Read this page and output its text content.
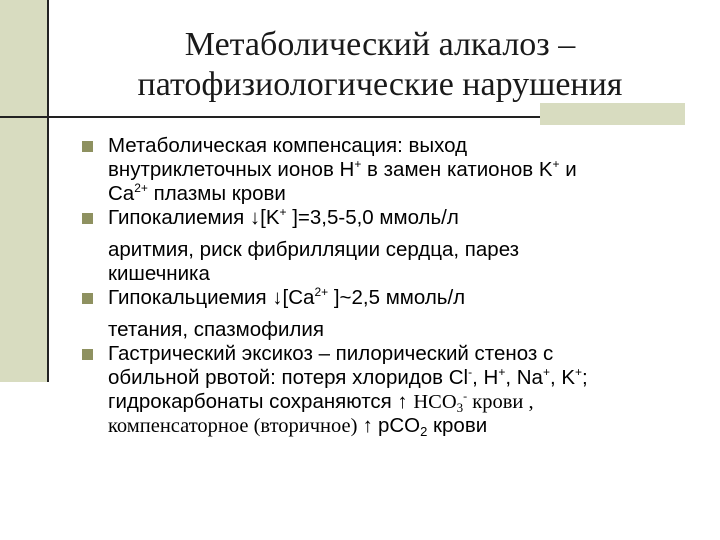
Метаболический алкалоз –
патофизиологические нарушения
Метаболическая компенсация: выход
внутриклеточных ионов H+ в замен катионов K+ и
$Ca^{2+}$ плазмы крови
Гипокалиемия ↓[K+ ]=3,5-5,0 ммоль/л
аритмия, риск фибрилляции сердца, парез
кишечника
Гипокальциемия $↓[Ca^{2+}$ ]~2,5 ммоль/л
тетания, спазмофилия
Гастрический эксикоз – пилорический стеноз с
обильной рвотой: потеря хлоридов Cl-, H+, Na+, K+;
гидрокарбонаты сохраняются ↑ $HCO_3^-$ крови ,
компенсаторное (вторичное) ↑ pCO$_2$ крови
